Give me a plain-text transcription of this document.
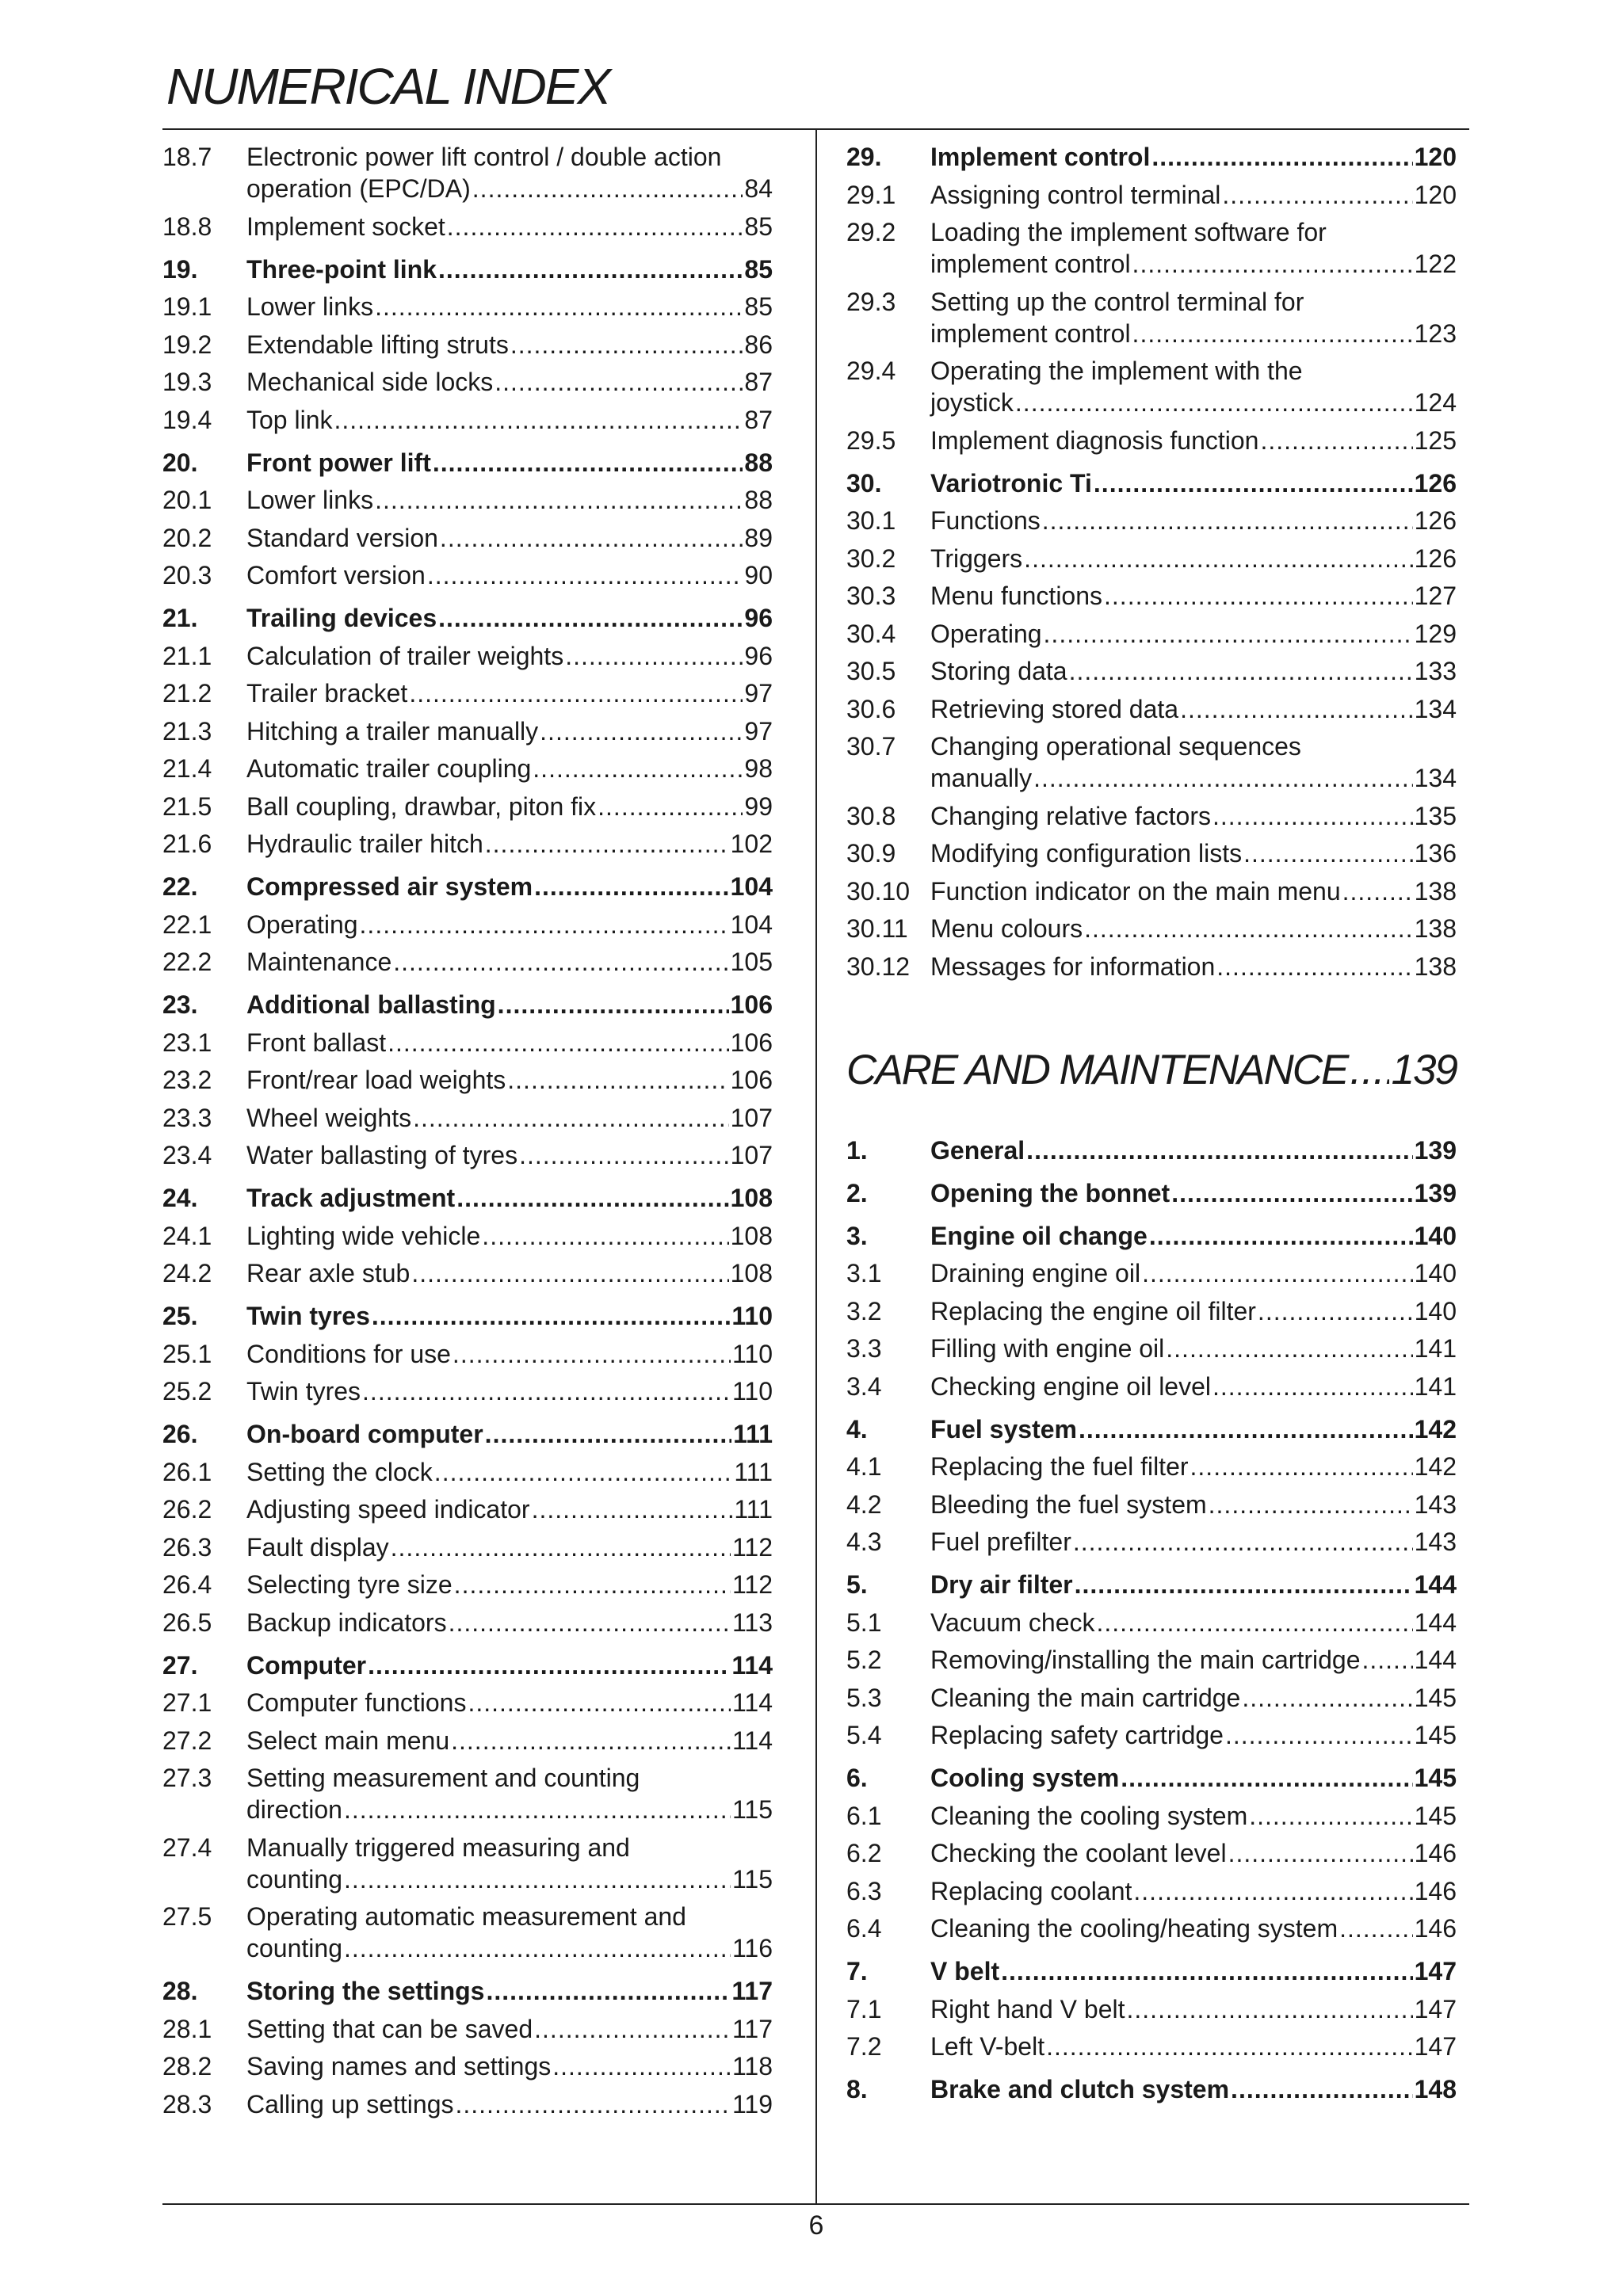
NUMERICAL INDEX
18.7	Electronic power lift control / double action
operation (EPC/DA) .....	84
18.8	Implement socket .....	85
19.	Three-point link .....	85
19.1	Lower links .....	85
19.2	Extendable lifting struts .....	86
19.3	Mechanical side locks .....	87
19.4	Top link .....	87
20.	Front power lift .....	88
20.1	Lower links .....	88
20.2	Standard version .....	89
20.3	Comfort version .....	90
21.	Trailing devices .....	96
21.1	Calculation of trailer weights .....	96
21.2	Trailer bracket .....	97
21.3	Hitching a trailer manually .....	97
21.4	Automatic trailer coupling .....	98
21.5	Ball coupling, drawbar, piton fix .....	99
21.6	Hydraulic trailer hitch .....	102
22.	Compressed air system .....	104
22.1	Operating .....	104
22.2	Maintenance .....	105
23.	Additional ballasting .....	106
23.1	Front ballast .....	106
23.2	Front/rear load weights .....	106
23.3	Wheel weights .....	107
23.4	Water ballasting of tyres .....	107
24.	Track adjustment .....	108
24.1	Lighting wide vehicle .....	108
24.2	Rear axle stub .....	108
25.	Twin tyres .....	110
25.1	Conditions for use .....	110
25.2	Twin tyres .....	110
26.	On-board computer .....	111
26.1	Setting the clock .....	111
26.2	Adjusting speed indicator .....	111
26.3	Fault display .....	112
26.4	Selecting tyre size .....	112
26.5	Backup indicators .....	113
27.	Computer .....	114
27.1	Computer functions .....	114
27.2	Select main menu .....	114
27.3	Setting measurement and counting
direction .....	115
27.4	Manually triggered measuring and
counting .....	115
27.5	Operating automatic measurement and
counting .....	116
28.	Storing the settings .....	117
28.1	Setting that can be saved .....	117
28.2	Saving names and settings .....	118
28.3	Calling up settings .....	119
29.	Implement control .....	120
29.1	Assigning control terminal .....	120
29.2	Loading the implement software for
implement control .....	122
29.3	Setting up the control terminal for
implement control .....	123
29.4	Operating the implement with the
joystick .....	124
29.5	Implement diagnosis function .....	125
30.	Variotronic Ti .....	126
30.1	Functions .....	126
30.2	Triggers .....	126
30.3	Menu functions .....	127
30.4	Operating .....	129
30.5	Storing data .....	133
30.6	Retrieving stored data .....	134
30.7	Changing operational sequences
manually .....	134
30.8	Changing relative factors .....	135
30.9	Modifying configuration lists .....	136
30.10 Function indicator on the main menu .....	138
30.11 Menu colours .....	138
30.12 Messages for information .....	138
CARE AND MAINTENANCE ..... 139
1.	General .....	139
2.	Opening the bonnet .....	139
3.	Engine oil change .....	140
3.1	Draining engine oil .....	140
3.2	Replacing the engine oil filter .....	140
3.3	Filling with engine oil .....	141
3.4	Checking engine oil level .....	141
4.	Fuel system .....	142
4.1	Replacing the fuel filter .....	142
4.2	Bleeding the fuel system .....	143
4.3	Fuel prefilter .....	143
5.	Dry air filter .....	144
5.1	Vacuum check .....	144
5.2	Removing/installing the main cartridge ..... 144
5.3	Cleaning the main cartridge .....	145
5.4	Replacing safety cartridge .....	145
6.	Cooling system .....	145
6.1	Cleaning the cooling system .....	145
6.2	Checking the coolant level .....	146
6.3	Replacing coolant .....	146
6.4	Cleaning the cooling/heating system .....	146
7.	V belt .....	147
7.1	Right hand V belt .....	147
7.2	Left V-belt .....	147
8.	Brake and clutch system .....	148
6
